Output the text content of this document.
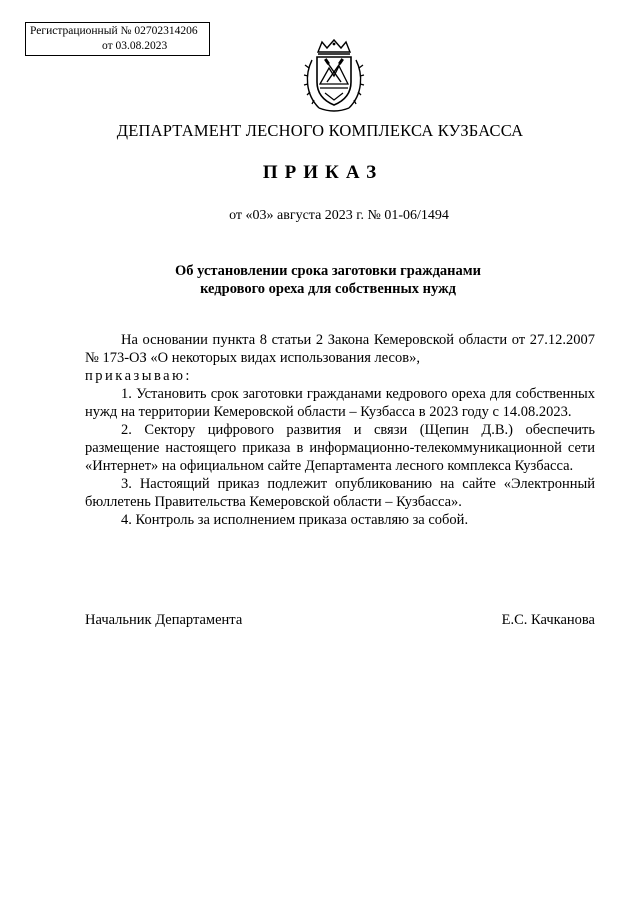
Регистрационный № 02702314206
от 03.08.2023
ДЕПАРТАМЕНТ ЛЕСНОГО КОМПЛЕКСА КУЗБАССА
ПРИКАЗ
от «03» августа 2023 г. № 01-06/1494
Об установлении срока заготовки гражданами
кедрового ореха для собственных нужд

На основании пункта 8 статьи 2 Закона Кемеровской области от 27.12.2007 № 173-ОЗ «О некоторых видах использования лесов»,
приказываю:

1. Установить срок заготовки гражданами кедрового ореха для собственных нужд на территории Кемеровской области – Кузбасса в 2023 году с 14.08.2023.

2. Сектору цифрового развития и связи (Щепин Д.В.) обеспечить размещение настоящего приказа в информационно-телекоммуникационной сети «Интернет» на официальном сайте Департамента лесного комплекса Кузбасса.

3. Настоящий приказ подлежит опубликованию на сайте «Электронный бюллетень Правительства Кемеровской области – Кузбасса».

4. Контроль за исполнением приказа оставляю за собой.

Начальник Департамента	Е.С. Качканова
